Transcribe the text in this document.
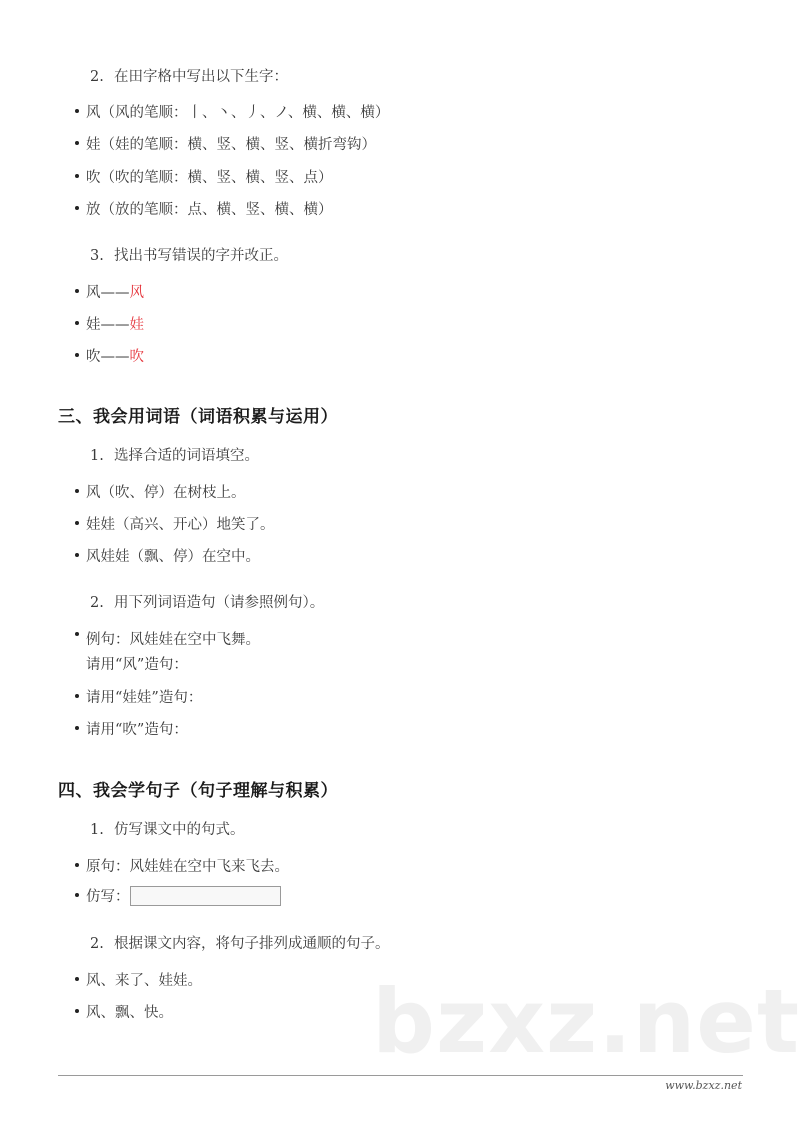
2. 在田字格中写出以下生字：
风（风的笔顺：丨、丶、丿、ノ、横、横、横）
娃（娃的笔顺：横、竖、横、竖、横折弯钩）
吹（吹的笔顺：横、竖、横、竖、点）
放（放的笔顺：点、横、竖、横、横）
3. 找出书写错误的字并改正。
风——风
娃——娃
吹——吹
三、我会用词语（词语积累与运用）
1. 选择合适的词语填空。
风（吹、停）在树枝上。
娃娃（高兴、开心）地笑了。
风娃娃（飘、停）在空中。
2. 用下列词语造句（请参照例句）。
例句：风娃娃在空中飞舞。
请用“风”造句：
请用“娃娃”造句：
请用“吹”造句：
四、我会学句子（句子理解与积累）
1. 仿写课文中的句式。
原句：风娃娃在空中飞来飞去。
仿写：
2. 根据课文内容，将句子排列成通顺的句子。
风、来了、娃娃。
风、飘、快。 bzxz.net
www.bzxz.net
